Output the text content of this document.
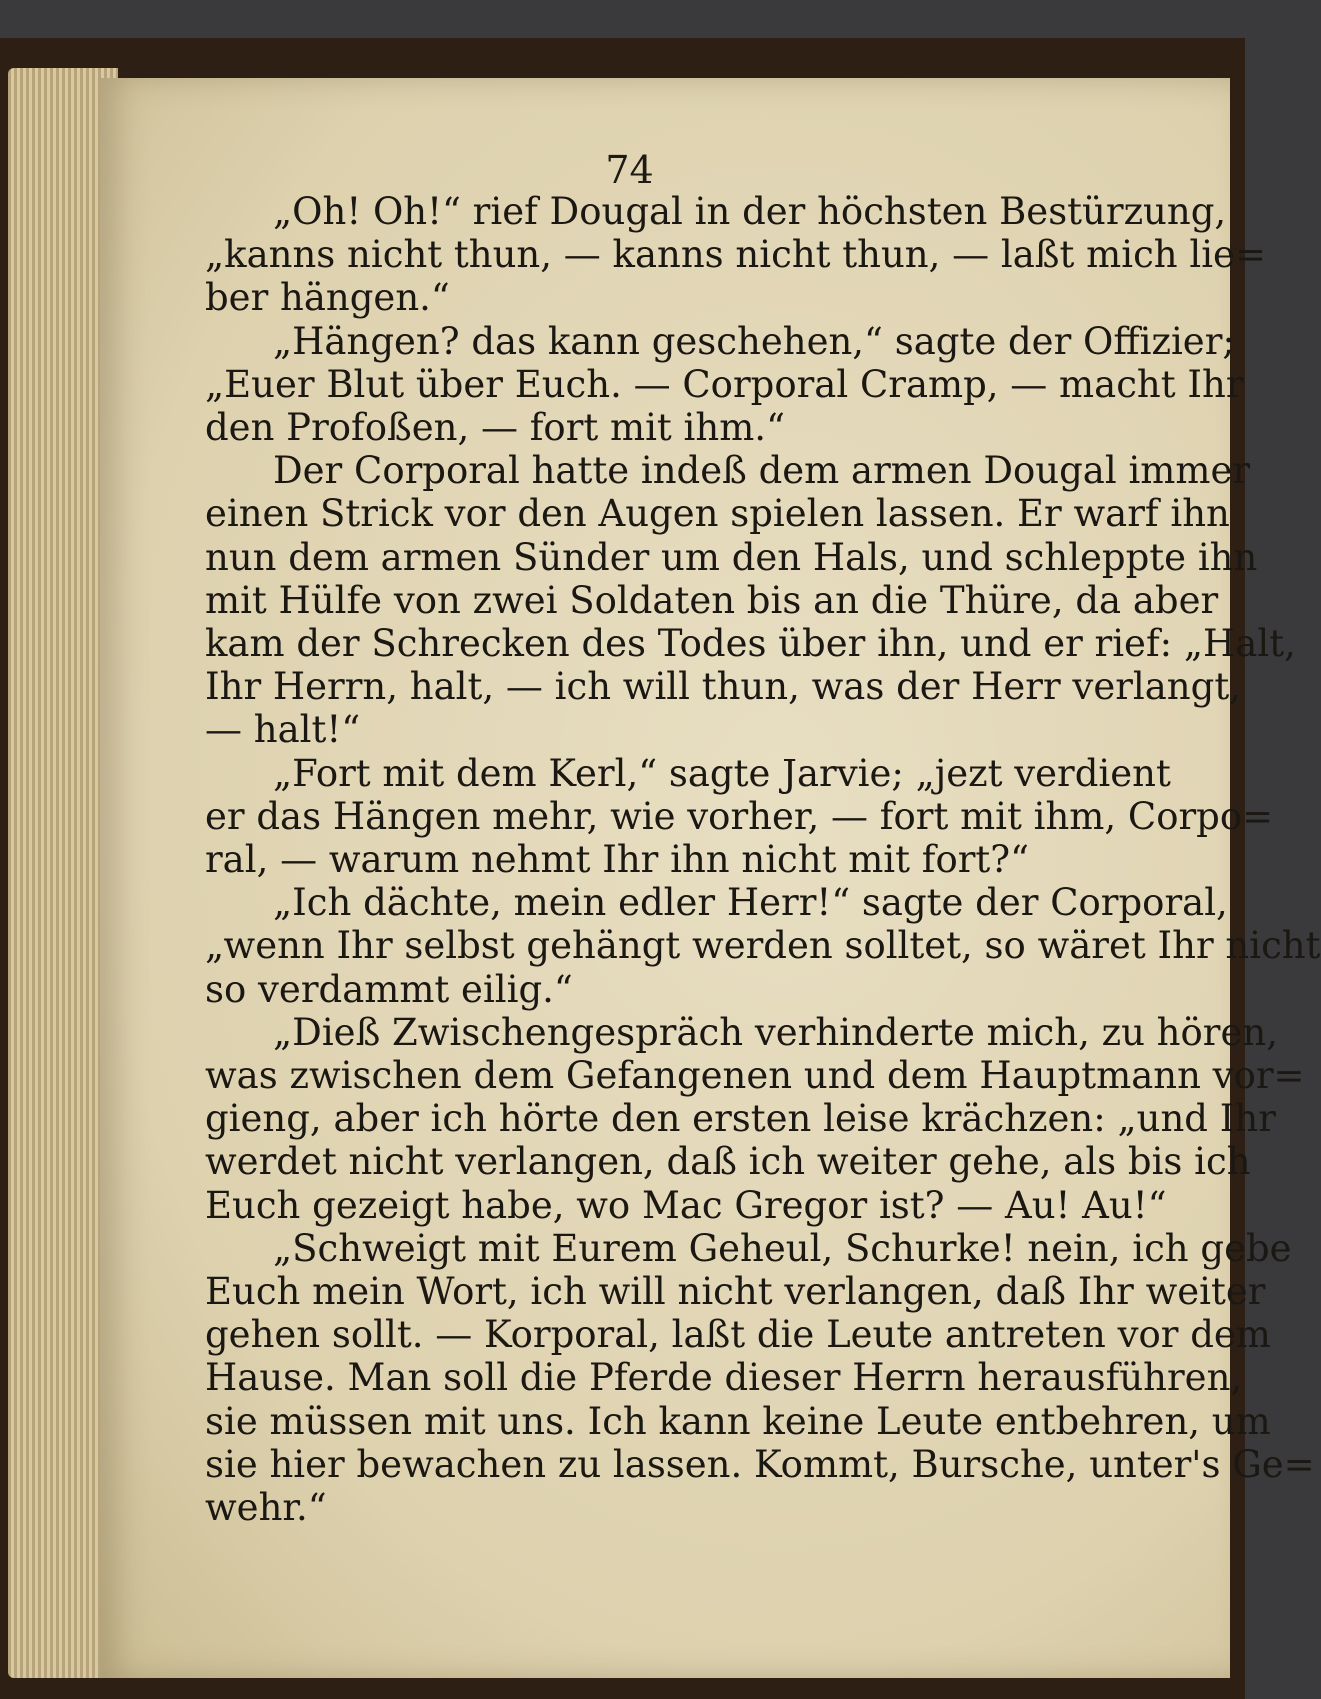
74
„Oh! Oh!“ rief Dougal in der höchsten Bestürzung,
„kanns nicht thun, — kanns nicht thun, — laßt mich lie=
ber hängen.“
„Hängen? das kann geschehen,“ sagte der Offizier;
„Euer Blut über Euch. — Corporal Cramp, — macht Ihr
den Profoßen, — fort mit ihm.“
Der Corporal hatte indeß dem armen Dougal immer
einen Strick vor den Augen spielen lassen. Er warf ihn
nun dem armen Sünder um den Hals, und schleppte ihn
mit Hülfe von zwei Soldaten bis an die Thüre, da aber
kam der Schrecken des Todes über ihn, und er rief: „Halt,
Ihr Herrn, halt, — ich will thun, was der Herr verlangt,
— halt!“
„Fort mit dem Kerl,“ sagte Jarvie; „jezt verdient
er das Hängen mehr, wie vorher, — fort mit ihm, Corpo=
ral, — warum nehmt Ihr ihn nicht mit fort?“
„Ich dächte, mein edler Herr!“ sagte der Corporal,
„wenn Ihr selbst gehängt werden solltet, so wäret Ihr nicht
so verdammt eilig.“
„Dieß Zwischengespräch verhinderte mich, zu hören,
was zwischen dem Gefangenen und dem Hauptmann vor=
gieng, aber ich hörte den ersten leise krächzen: „und Ihr
werdet nicht verlangen, daß ich weiter gehe, als bis ich
Euch gezeigt habe, wo Mac Gregor ist? — Au! Au!“
„Schweigt mit Eurem Geheul, Schurke! nein, ich gebe
Euch mein Wort, ich will nicht verlangen, daß Ihr weiter
gehen sollt. — Korporal, laßt die Leute antreten vor dem
Hause. Man soll die Pferde dieser Herrn herausführen,
sie müssen mit uns. Ich kann keine Leute entbehren, um
sie hier bewachen zu lassen. Kommt, Bursche, unter's Ge=
wehr.“
